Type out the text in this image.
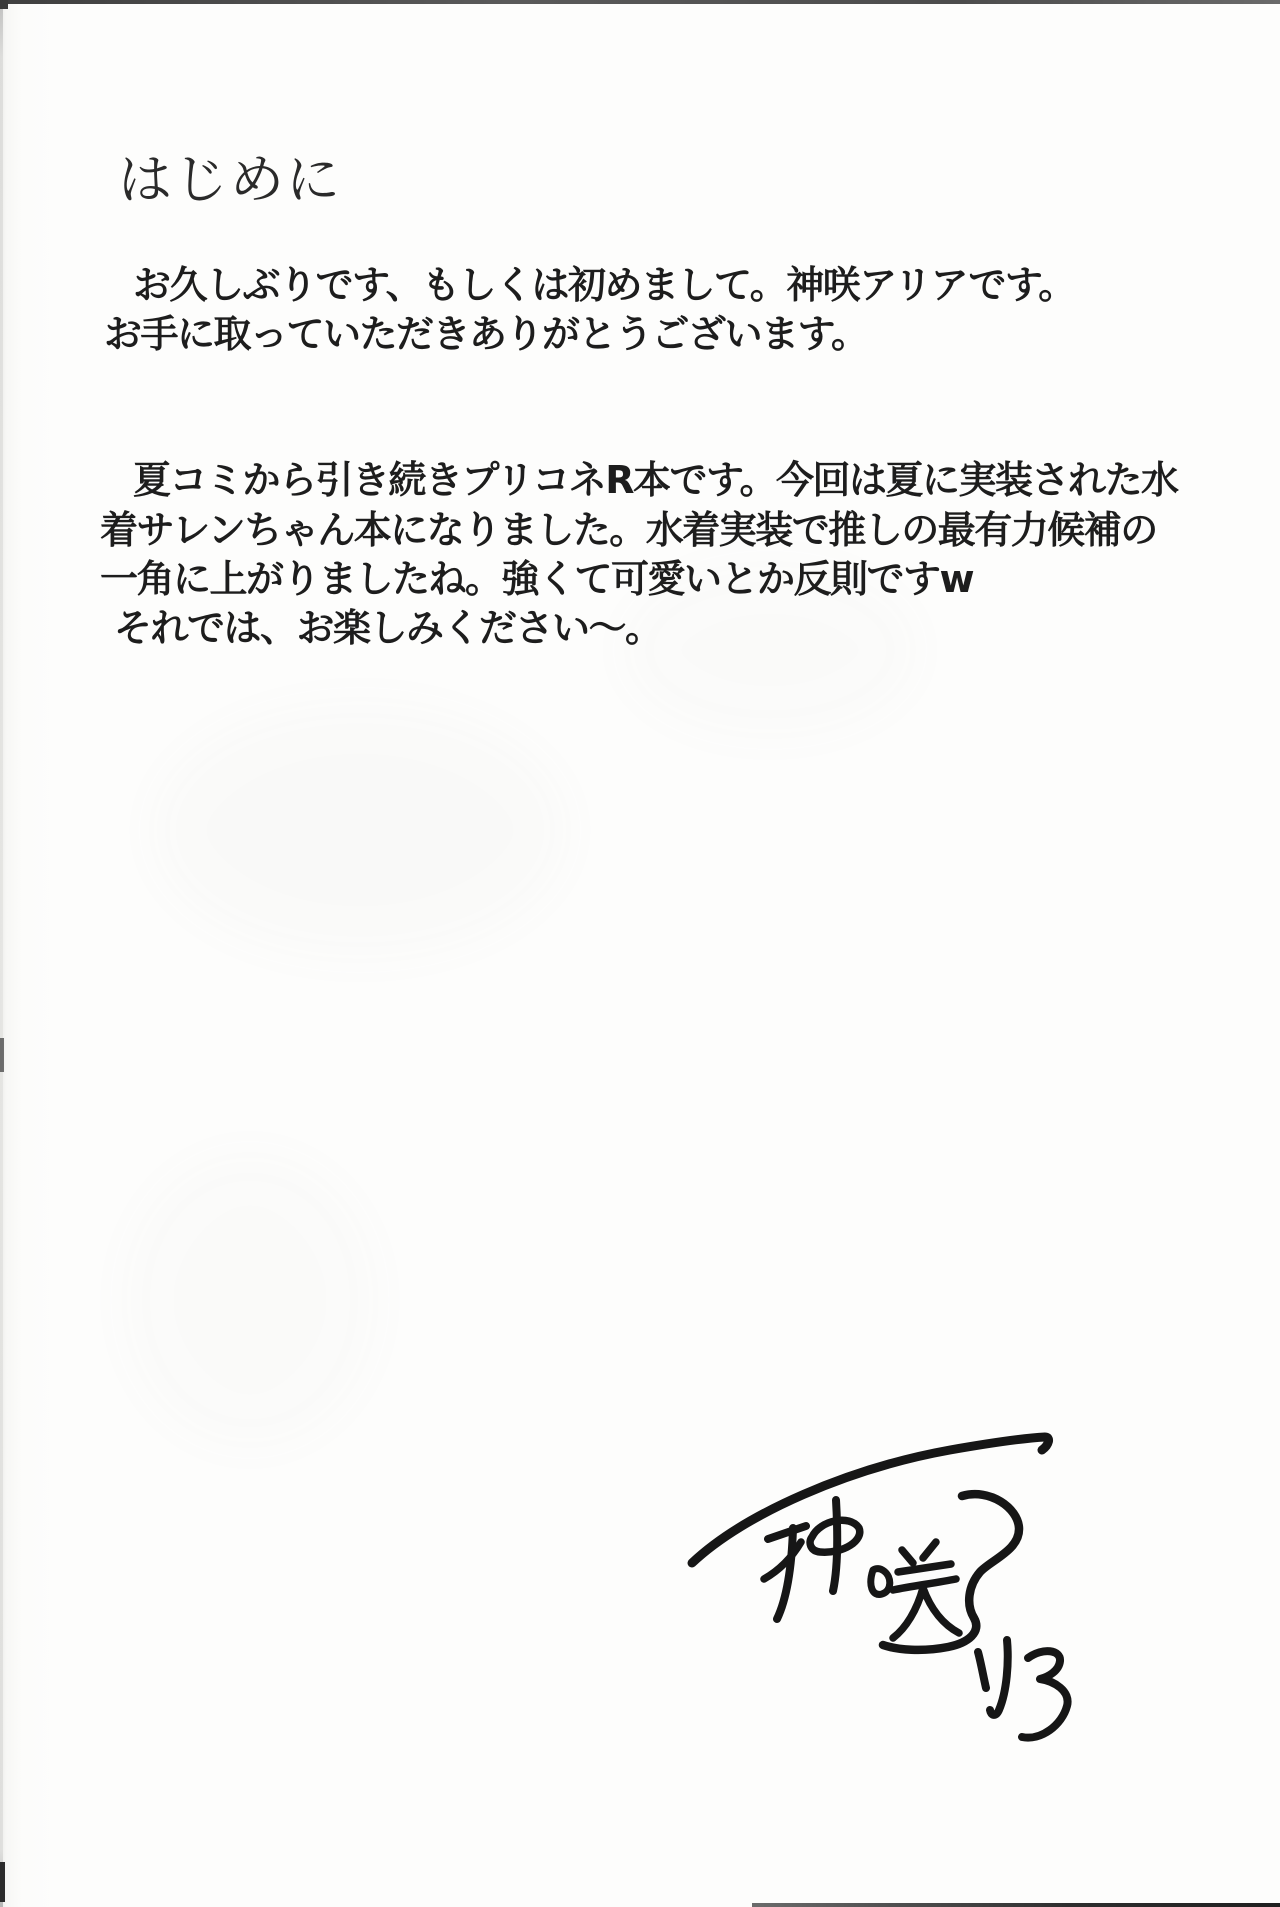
はじめに
お久しぶりです、もしくは初めまして。神咲アリアです。
お手に取っていただきありがとうございます。
夏コミから引き続きプリコネR本です。今回は夏に実装された水
着サレンちゃん本になりました。水着実装で推しの最有力候補の
一角に上がりましたね。強くて可愛いとか反則ですw
それでは、お楽しみください～。
